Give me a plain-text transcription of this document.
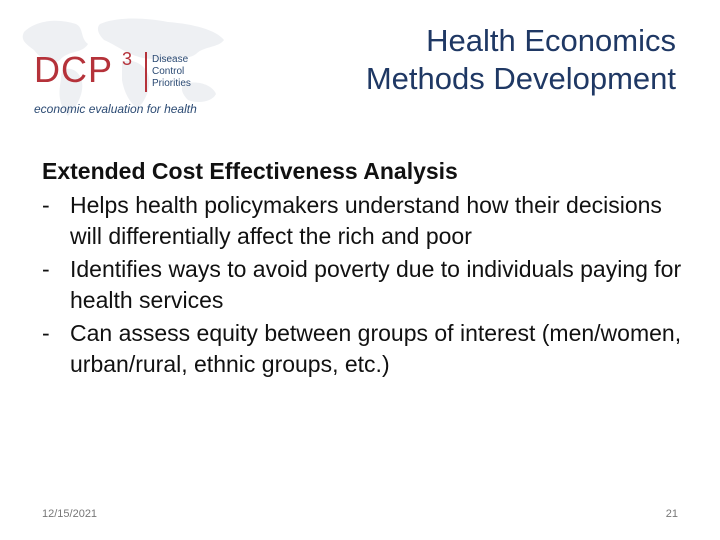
DCP 3 Disease
Control
Priorities
economic evaluation for health
Health Economics
Methods Development
Extended Cost Effectiveness Analysis
- Helps health policymakers understand how their decisions will differentially affect the rich and poor
- Identifies ways to avoid poverty due to individuals paying for health services
- Can assess equity between groups of interest (men/women, urban/rural, ethnic groups, etc.)
12/15/2021	21
